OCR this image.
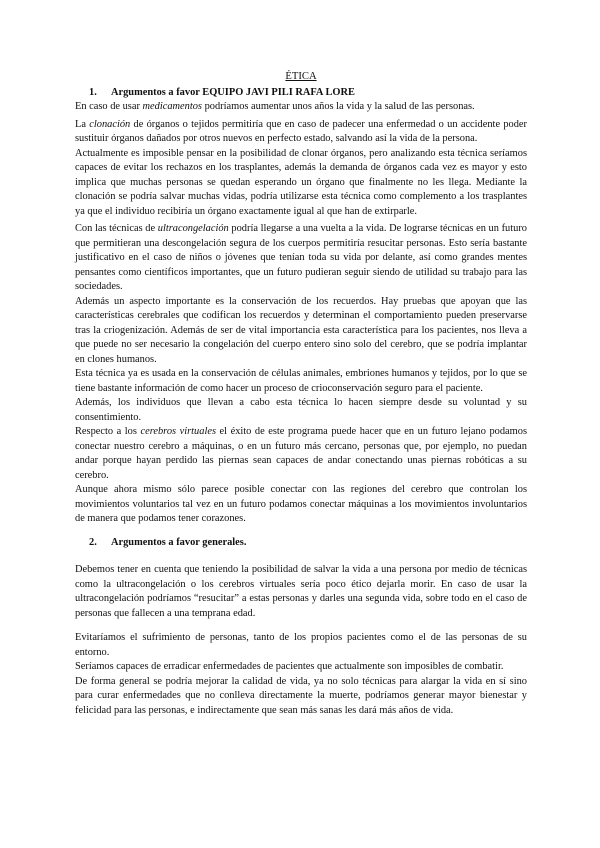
ÉTICA
1. Argumentos a favor EQUIPO JAVI PILI RAFA LORE

En caso de usar medicamentos podríamos aumentar unos años la vida y la salud de las personas.

La clonación de órganos o tejidos permitiría que en caso de padecer una enfermedad o un accidente poder sustituir órganos dañados por otros nuevos en perfecto estado, salvando así la vida de la persona.

Actualmente es imposible pensar en la posibilidad de clonar órganos, pero analizando esta técnica seríamos capaces de evitar los rechazos en los trasplantes, además la demanda de órganos cada vez es mayor y esto implica que muchas personas se quedan esperando un órgano que finalmente no les llega. Mediante la clonación se podría salvar muchas vidas, podría utilizarse esta técnica como complemento a los trasplantes ya que el individuo recibiría un órgano exactamente igual al que han de extirparle.

Con las técnicas de ultracongelación podría llegarse a una vuelta a la vida. De lograrse técnicas en un futuro que permitieran una descongelación segura de los cuerpos permitiría resucitar personas. Esto sería bastante justificativo en el caso de niños o jóvenes que tenían toda su vida por delante, así como grandes mentes pensantes como científicos importantes, que un futuro pudieran seguir siendo de utilidad su trabajo para las sociedades.

Además un aspecto importante es la conservación de los recuerdos. Hay pruebas que apoyan que las características cerebrales que codifican los recuerdos y determinan el comportamiento pueden preservarse tras la criogenización. Además de ser de vital importancia esta característica para los pacientes, nos lleva a que puede no ser necesario la congelación del cuerpo entero sino solo del cerebro, que se podría implantar en clones humanos.

Esta técnica ya es usada en la conservación de células animales, embriones humanos y tejidos, por lo que se tiene bastante información de como hacer un proceso de crioconservación seguro para el paciente.

Además, los individuos que llevan a cabo esta técnica lo hacen siempre desde su voluntad y su consentimiento.

Respecto a los cerebros virtuales el éxito de este programa puede hacer que en un futuro lejano podamos conectar nuestro cerebro a máquinas, o en un futuro más cercano, personas que, por ejemplo, no puedan andar porque hayan perdido las piernas sean capaces de andar conectando unas piernas robóticas a su cerebro.

Aunque ahora mismo sólo parece posible conectar con las regiones del cerebro que controlan los movimientos voluntarios tal vez en un futuro podamos conectar máquinas a los movimientos involuntarios de manera que podamos tener corazones.

2. Argumentos a favor generales.

Debemos tener en cuenta que teniendo la posibilidad de salvar la vida a una persona por medio de técnicas como la ultracongelación o los cerebros virtuales sería poco ético dejarla morir. En caso de usar la ultracongelación podríamos “resucitar” a estas personas y darles una segunda vida, sobre todo en el caso de personas que fallecen a una temprana edad.

Evitaríamos el sufrimiento de personas, tanto de los propios pacientes como el de las personas de su entorno.

Seríamos capaces de erradicar enfermedades de pacientes que actualmente son imposibles de combatir.

De forma general se podría mejorar la calidad de vida, ya no solo técnicas para alargar la vida en sí sino para curar enfermedades que no conlleva directamente la muerte, podríamos generar mayor bienestar y felicidad para las personas, e indirectamente que sean más sanas les dará más años de vida.
